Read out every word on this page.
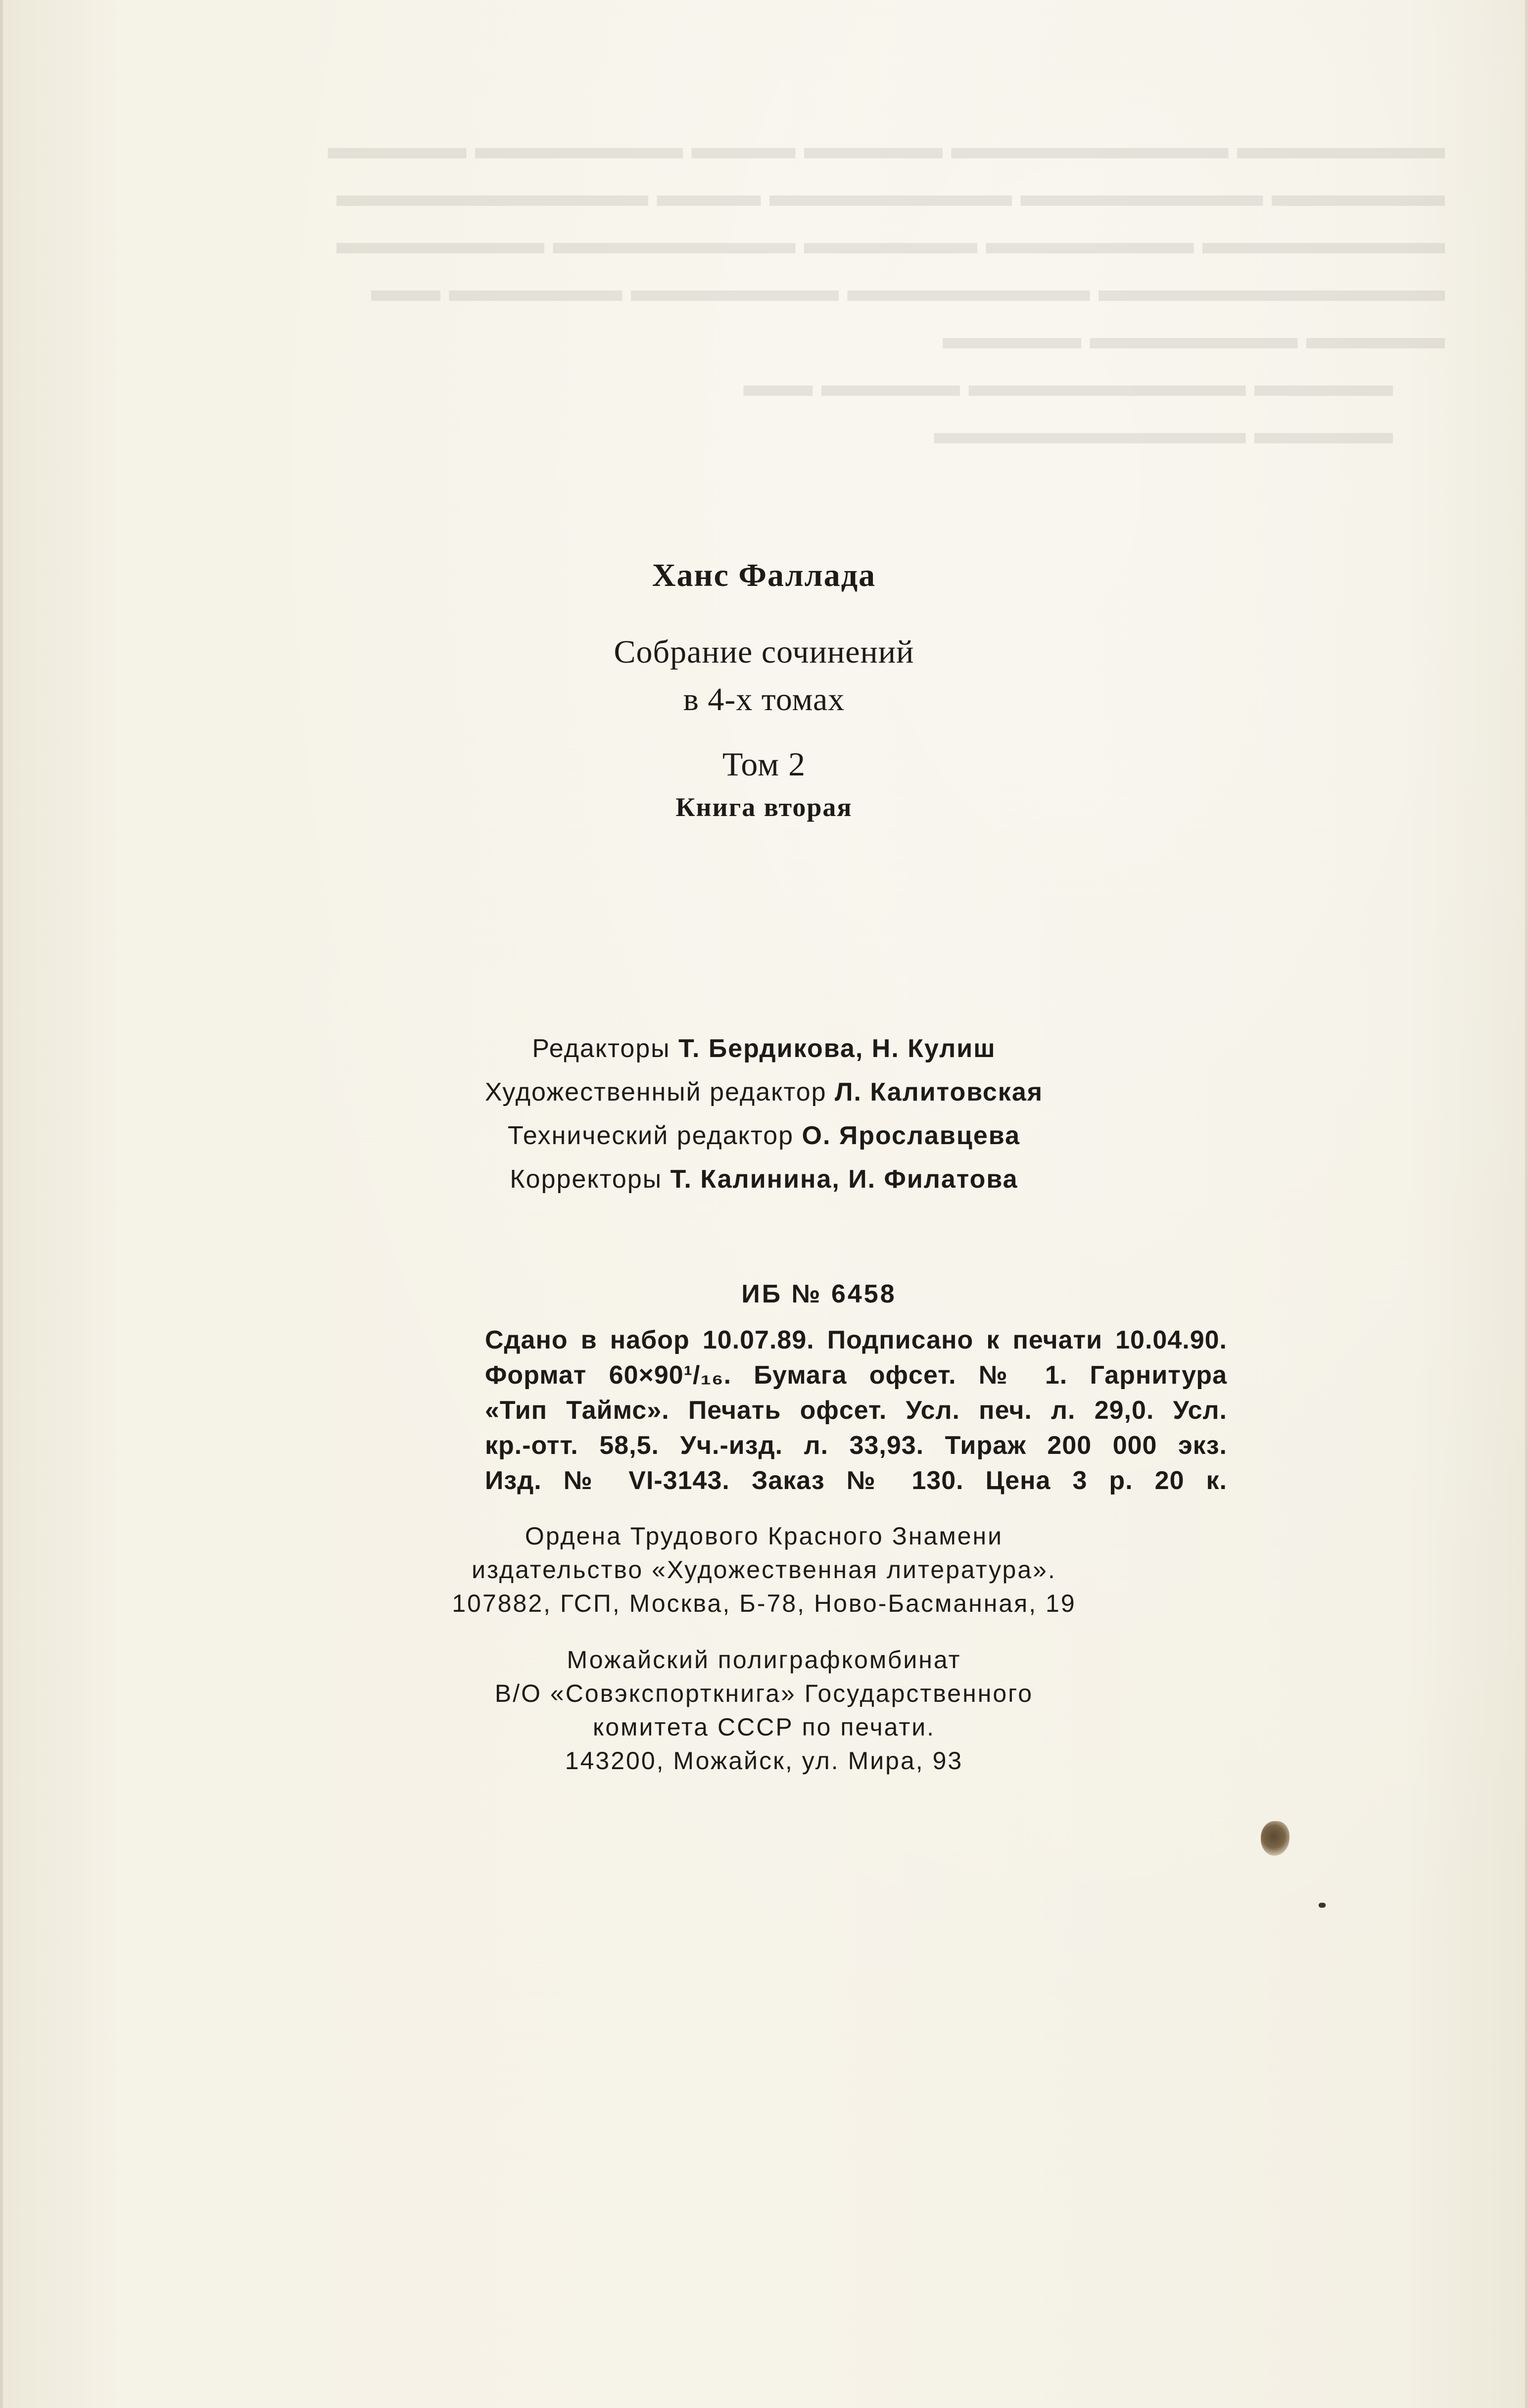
▬▬▬▬▬▬ ▬▬▬▬▬▬▬▬ ▬▬▬▬ ▬▬▬ ▬▬▬▬▬▬ ▬▬▬▬
▬▬▬▬▬ ▬▬▬▬▬▬▬ ▬▬▬▬▬▬▬ ▬▬▬ ▬▬▬▬▬▬▬▬▬
▬▬▬▬▬▬▬ ▬▬▬▬▬▬ ▬▬▬▬▬ ▬▬▬▬▬▬▬ ▬▬▬▬▬▬
▬▬▬▬▬▬▬▬▬▬ ▬▬▬▬▬▬▬ ▬▬▬▬▬▬ ▬▬▬▬▬ ▬▬
▬▬▬▬ ▬▬▬▬▬▬ ▬▬▬▬
▬▬▬▬ ▬▬▬▬▬▬▬▬ ▬▬▬▬ ▬▬
▬▬▬▬ ▬▬▬▬▬▬▬▬▬
Ханс Фаллада
Собрание сочинений
в 4-х томах
Том 2
Книга вторая
Редакторы Т. Бердикова, Н. Кулиш
Художественный редактор Л. Калитовская
Технический редактор О. Ярославцева
Корректоры Т. Калинина, И. Филатова
ИБ № 6458
Сдано в набор 10.07.89. Подписано к печати 10.04.90.
Формат 60×90¹/₁₆. Бумага офсет. № 1. Гарнитура
«Тип Таймс». Печать офсет. Усл. печ. л. 29,0. Усл.
кр.-отт. 58,5. Уч.-изд. л. 33,93. Тираж 200 000 экз.
Изд. № VI-3143. Заказ № 130. Цена 3 р. 20 к.
Ордена Трудового Красного Знамени
издательство «Художественная литература».
107882, ГСП, Москва, Б-78, Ново-Басманная, 19
Можайский полиграфкомбинат
В/О «Совэкспорткнига» Государственного
комитета СССР по печати.
143200, Можайск, ул. Мира, 93
